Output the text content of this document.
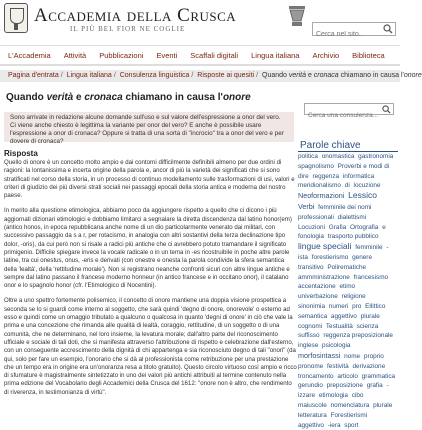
Accademia della Crusca
IL PIÙ BEL FIOR NE COGLIE
Cerca nel sito...
L'Accademia Attività Pubblicazioni Eventi Scaffali digitali Lingua italiana Archivio Biblioteca
Pagina d'entrata / Lingua italiana / Consulenza linguistica / Risposte ai quesiti / Quando verità e cronaca chiamano in causa l'onore
Quando verità e cronaca chiamano in causa l'onore
Sono arrivate in redazione alcune domande sull'uso e sul valore dell'espressione a onor del vero. Ci viene anche chiesto è legittima la variante per onor del vero? E anche è possibile usare l'espressione a onor di cronaca? Oppure si tratta di una sorta di "incrocio" tra a onor del vero e per dovere di cronaca?
Risposta

Quello di onore è un concetto molto ampio e dai contorni difficilmente definibili almeno per due ordini di ragioni: la lontanissima e incerta origine della parola e, ancor di più la varietà dei significati che si sono stratificati nel corso della storia, in un processo di continuo modellamento sulle trasformazioni di usi, valori e criteri di giudizio dei più diversi strati sociali nei passaggi epocali della storia antica e moderna del nostro paese.

In merito alla questione etimologica, abbiamo poco da aggiungere rispetto a quello che ci dicono i più aggiornati dizionari etimologici e dobbiamo limitarci a segnalare la diretta discendenza dal latino honor(em) (antico honos, in epoca repubblicana anche nome di un dio particolarmente venerato dai militari, con successivo passaggio da s a r, per rotacismo, in analogia con altri sostantivi della terza declinazione tipo dolor, -oris), da cui però non si risale a radici più antiche che ci avrebbero potuto tramandare il significato primigenio. Difficile spiegare invece la vocale radicale o in un tema in -es ricostruibile in poche altre parole latine, tra cui onestus, onus, -eris e derivati (con onestre e onesta la parola condivide la sfera semantica della 'lealtà', della 'rettitudine morale'). Non si registrano neanche confronti sicuri con altre lingue antiche e sempre dal latino passano il francese moderno honneur (in antico francese e in occitano onor), il catalano onor e lo spagnolo honor (cfr. l'Etimologico di Nocentini).

Oltre a uno spettro fortemente polisemico, il concetto di onore mantiene una doppia visione prospettica a seconda se lo si guardi come interno al soggetto, che sarà quindi 'degno di onore, onorevole' o esterno ad esso e quindi come un omaggio tributato a qualcuno o qualcosa in quanto 'degni di onore' in ciò che vale la prima e una concezione che rimanda alle qualità di lealtà, coraggio, rettitudine, di un soggetto o di una comunità, che ne determinano, nel loro insieme, la levatura morale; dall'altro parte del riconoscimento ufficiale e sociale di tali doti, che si manifesta attraverso l'attribuzione di rispetto e celebrazione dall'esterno, con un conseguente accrescimento della dignità di chi appartenga e sia riconosciuto degno di tali "onori" (da qui, solo per fare un esempio, l'onorario che si dà al professionista come retribuzione per una prestazione che un tempo era in origine era un'onoranza resa a titolo gratuito). Questo circolo virtuoso così ampio e ricco di sfumature è magistralmente sintetizzato in uno dei valori più antichi attribuiti al termine contenuto nella prima edizione del Vocabolario degli Accademici della Crusca del 1612: "onore non è altro, che rendimento di riverenza, in testimonianza di virtù".

Cerca una consulenza...
Parole chiave
politica onomastica gastronomia spagnolismo Proverbi e modi di dire reggenza informatica meridionalismo di locuzione Neoformazioni Lessico Verbi femminile dei nomi professionali dialettismi Locuzioni Grafia Ortografia e fonologia trasporto pubblico lingue speciali femminile -ista forestierismo genere transitivo Polirematiche ammministrazione francesismo accentazione etimo univerbazione religione sinonimia numeri pro Ellittico semantica aggettivo plurale cognomi Testualità scienza suffisso reggenza preposizionale inglese psicologia morfosintassi nome proprio pronome festività derivazione troncamento articolo grammatica gerundio preposizione grafia -izzare etimologia cibo maiuscole nomenclatura plurale letteratura Forestierismi aggettivo -iera sport
